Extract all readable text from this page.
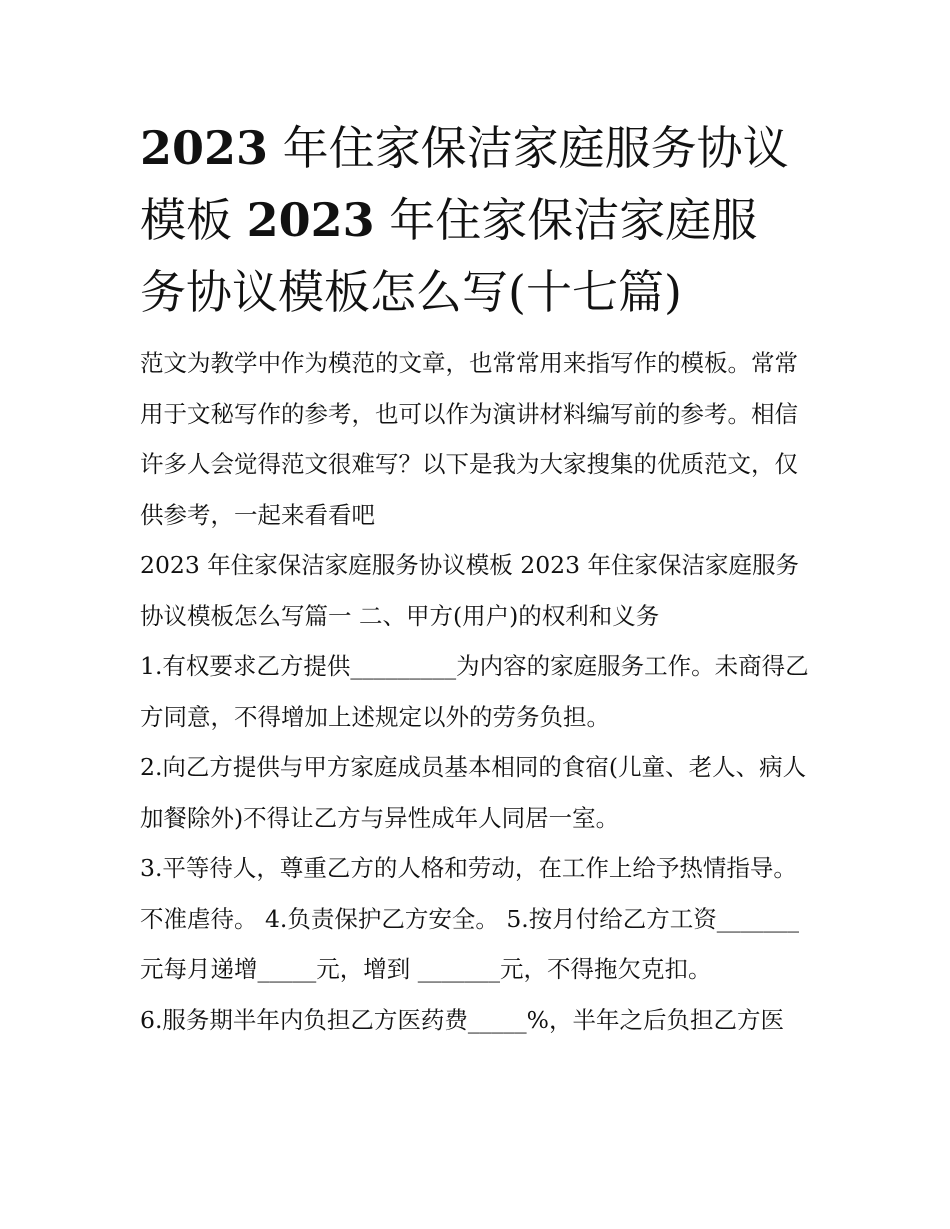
2023 年住家保洁家庭服务协议
模板 2023 年住家保洁家庭服
务协议模板怎么写(十七篇)

范文为教学中作为模范的文章，也常常用来指写作的模板。常常用于文秘写作的参考，也可以作为演讲材料编写前的参考。相信许多人会觉得范文很难写？以下是我为大家搜集的优质范文，仅供参考，一起来看看吧

2023 年住家保洁家庭服务协议模板 2023 年住家保洁家庭服务协议模板怎么写篇一 二、甲方(用户)的权利和义务

1.有权要求乙方提供_________为内容的家庭服务工作。未商得乙方同意，不得增加上述规定以外的劳务负担。

2.向乙方提供与甲方家庭成员基本相同的食宿(儿童、老人、病人加餐除外)不得让乙方与异性成年人同居一室。

3.平等待人，尊重乙方的人格和劳动，在工作上给予热情指导。不准虐待。 4.负责保护乙方安全。 5.按月付给乙方工资_______元每月递增_____元，增到 _______元，不得拖欠克扣。

6.服务期半年内负担乙方医药费_____%，半年之后负担乙方医
